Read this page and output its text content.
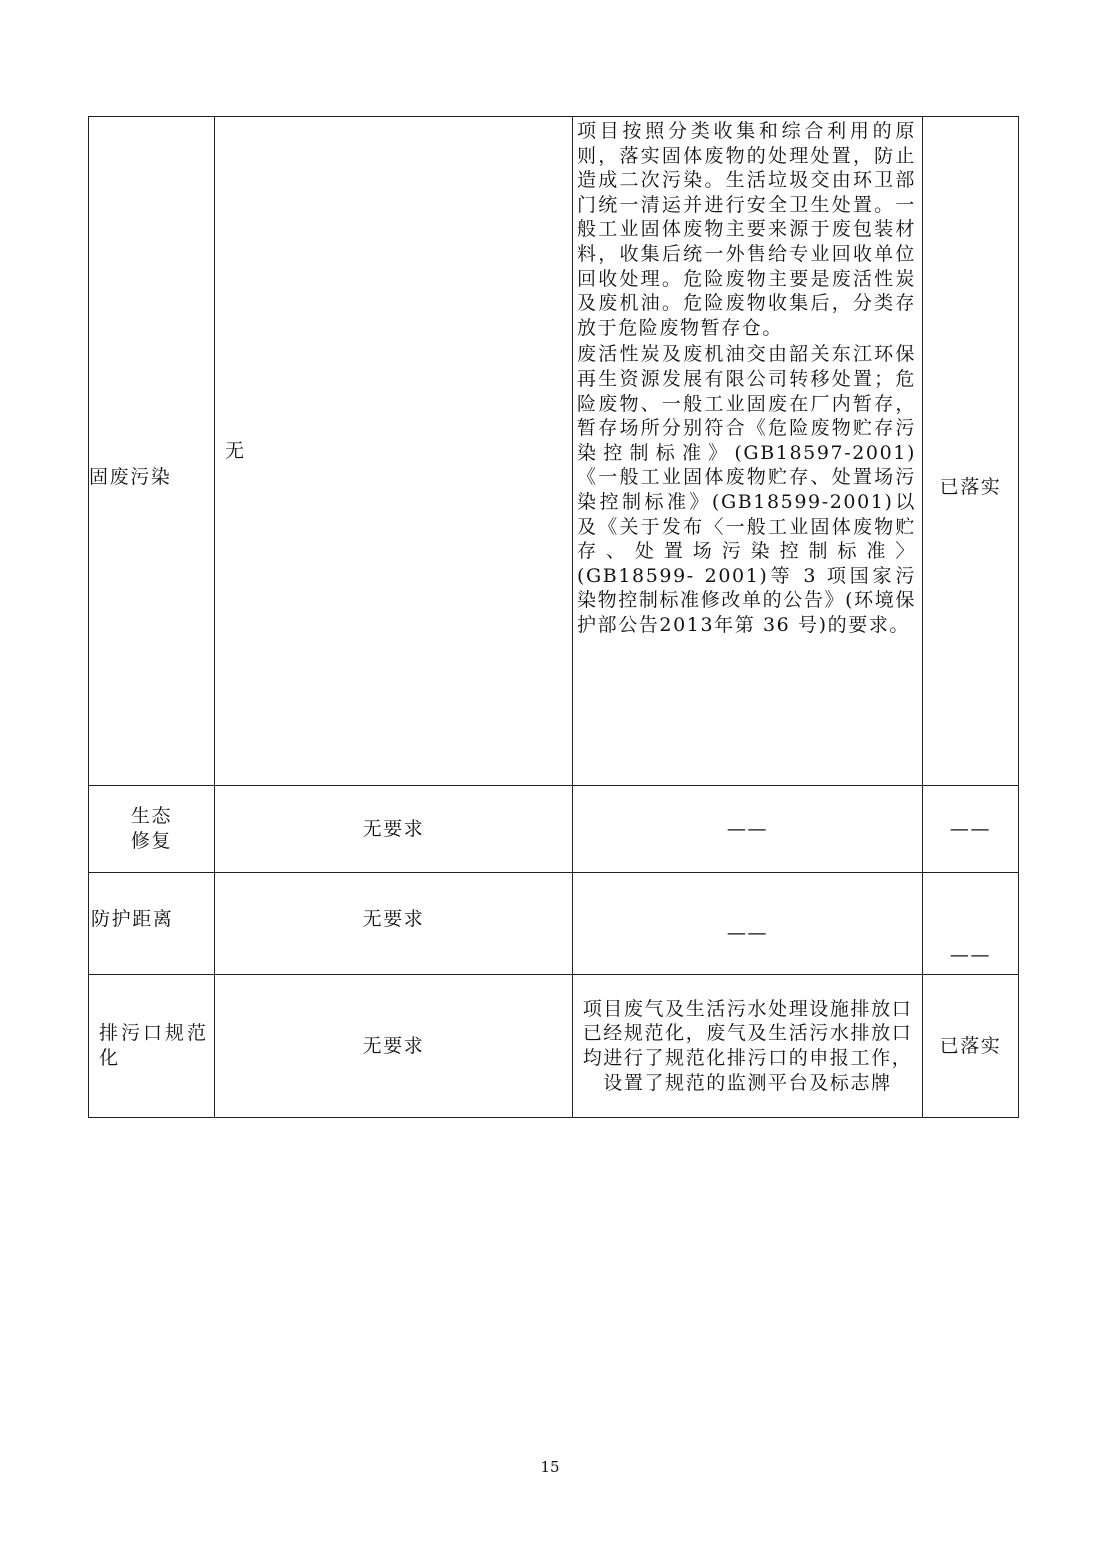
固废污染	无	项目按照分类收集和综合利用的原则，落实固体废物的处理处置，防止造成二次污染。生活垃圾交由环卫部门统一清运并进行安全卫生处置。一般工业固体废物主要来源于废包装材料，收集后统一外售给专业回收单位回收处理。危险废物主要是废活性炭及废机油。危险废物收集后，分类存放于危险废物暂存仓。
废活性炭及废机油交由韶关东江环保再生资源发展有限公司转移处置；危险废物、一般工业固废在厂内暂存，暂存场所分别符合《危险废物贮存污染控制标准》(GB18597-2001)《一般工业固体废物贮存、处置场污染控制标准》(GB18599-2001)以及《关于发布〈一般工业固体废物贮存、处置场污染控制标准〉(GB18599- 2001)等 3 项国家污染物控制标准修改单的公告》(环境保护部公告2013年第 36 号)的要求。	已落实

生态
修复	无要求	——	——
防护距离	无要求	——	——

排污口规范
化	无要求	项目废气及生活污水处理设施排放口已经规范化，废气及生活污水排放口均进行了规范化排污口的申报工作，设置了规范的监测平台及标志牌	已落实
15
